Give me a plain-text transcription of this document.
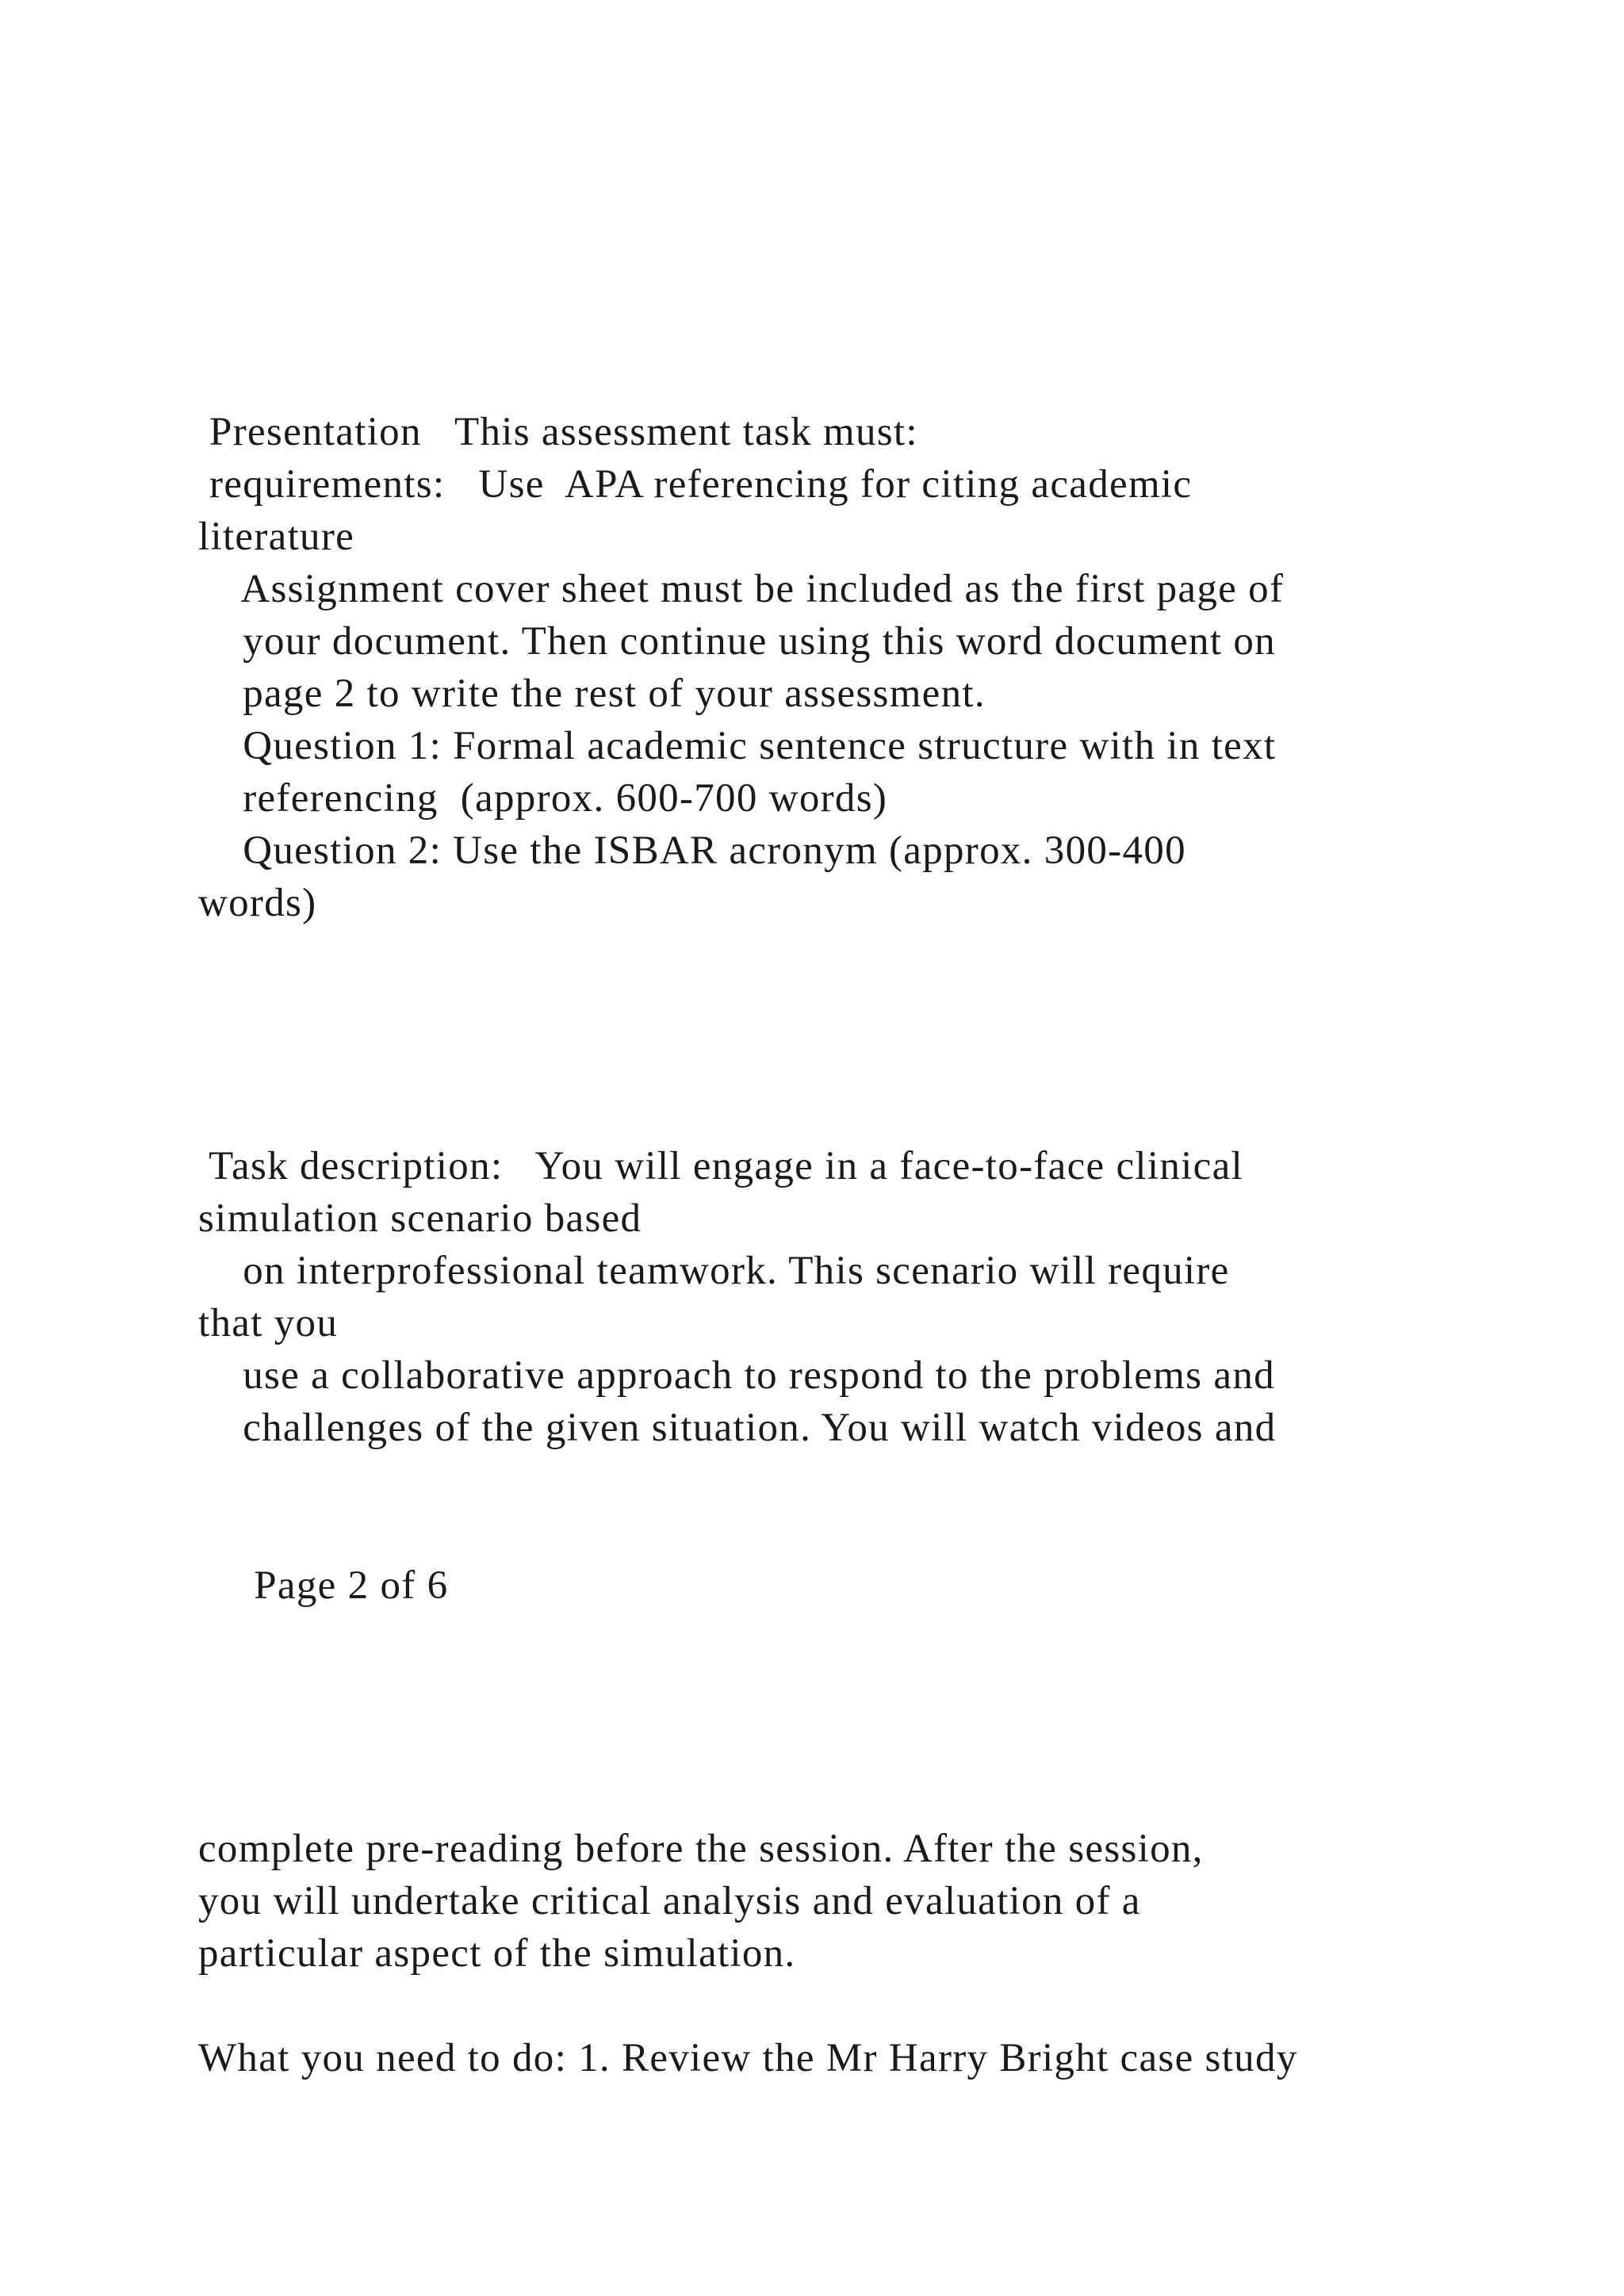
Presentation   This assessment task must:
requirements:   Use  APA referencing for citing academic
literature
Assignment cover sheet must be included as the first page of
your document. Then continue using this word document on
page 2 to write the rest of your assessment.
Question 1: Formal academic sentence structure with in text
referencing  (approx. 600-700 words)
Question 2: Use the ISBAR acronym (approx. 300-400
words)
Task description:   You will engage in a face-to-face clinical
simulation scenario based
on interprofessional teamwork. This scenario will require
that you
use a collaborative approach to respond to the problems and
challenges of the given situation. You will watch videos and
Page 2 of 6
complete pre-reading before the session. After the session,
you will undertake critical analysis and evaluation of a
particular aspect of the simulation.
What you need to do: 1. Review the Mr Harry Bright case study
